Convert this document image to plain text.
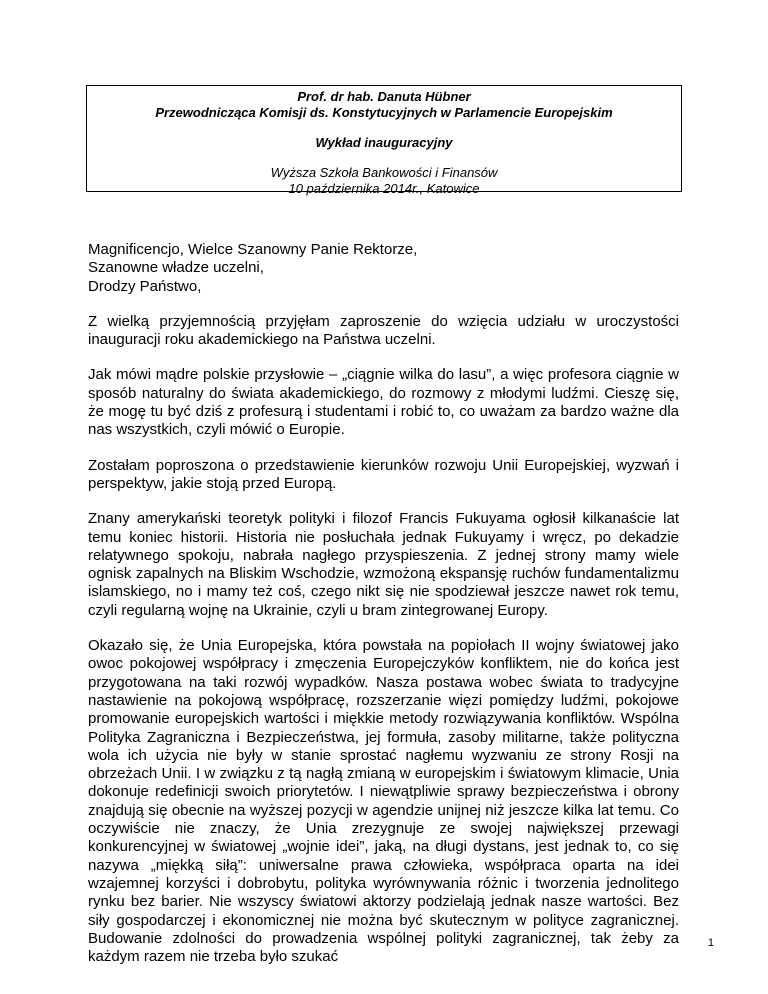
Prof. dr hab. Danuta Hübner
Przewodnicząca Komisji ds. Konstytucyjnych w Parlamencie Europejskim
Wykład inauguracyjny
Wyższa Szkoła Bankowości i Finansów
10 października 2014r., Katowice

Magnificencjo, Wielce Szanowny Panie Rektorze,
Szanowne władze uczelni,
Drodzy Państwo,

Z wielką przyjemnością przyjęłam zaproszenie do wzięcia udziału w uroczystości inauguracji roku akademickiego na Państwa uczelni.

Jak mówi mądre polskie przysłowie – „ciągnie wilka do lasu”, a więc profesora ciągnie w sposób naturalny do świata akademickiego, do rozmowy z młodymi ludźmi. Cieszę się, że mogę tu być dziś z profesurą i studentami i robić to, co uważam za bardzo ważne dla nas wszystkich, czyli mówić o Europie.

Zostałam poproszona o przedstawienie kierunków rozwoju Unii Europejskiej, wyzwań i perspektyw, jakie stoją przed Europą.

Znany amerykański teoretyk polityki i filozof Francis Fukuyama ogłosił kilkanaście lat temu koniec historii. Historia nie posłuchała jednak Fukuyamy i wręcz, po dekadzie relatywnego spokoju, nabrała nagłego przyspieszenia. Z jednej strony mamy wiele ognisk zapalnych na Bliskim Wschodzie, wzmożoną ekspansję ruchów fundamentalizmu islamskiego, no i mamy też coś, czego nikt się nie spodziewał jeszcze nawet rok temu, czyli regularną wojnę na Ukrainie, czyli u bram zintegrowanej Europy.

Okazało się, że Unia Europejska, która powstała na popiołach II wojny światowej jako owoc pokojowej współpracy i zmęczenia Europejczyków konfliktem, nie do końca jest przygotowana na taki rozwój wypadków. Nasza postawa wobec świata to tradycyjne nastawienie na pokojową współpracę, rozszerzanie więzi pomiędzy ludźmi, pokojowe promowanie europejskich wartości i miękkie metody rozwiązywania konfliktów. Wspólna Polityka Zagraniczna i Bezpieczeństwa, jej formuła, zasoby militarne, także polityczna wola ich użycia nie były w stanie sprostać nagłemu wyzwaniu ze strony Rosji na obrzeżach Unii. I w związku z tą nagłą zmianą w europejskim i światowym klimacie, Unia dokonuje redefinicji swoich priorytetów. I niewątpliwie sprawy bezpieczeństwa i obrony znajdują się obecnie na wyższej pozycji w agendzie unijnej niż jeszcze kilka lat temu. Co oczywiście nie znaczy, że Unia zrezygnuje ze swojej największej przewagi konkurencyjnej w światowej „wojnie idei”, jaką, na długi dystans, jest jednak to, co się nazywa „miękką siłą”: uniwersalne prawa człowieka, współpraca oparta na idei wzajemnej korzyści i dobrobytu, polityka wyrównywania różnic i tworzenia jednolitego rynku bez barier. Nie wszyscy światowi aktorzy podzielają jednak nasze wartości. Bez siły gospodarczej i ekonomicznej nie można być skutecznym w polityce zagranicznej. Budowanie zdolności do prowadzenia wspólnej polityki zagranicznej, tak żeby za każdym razem nie trzeba było szukać

1
